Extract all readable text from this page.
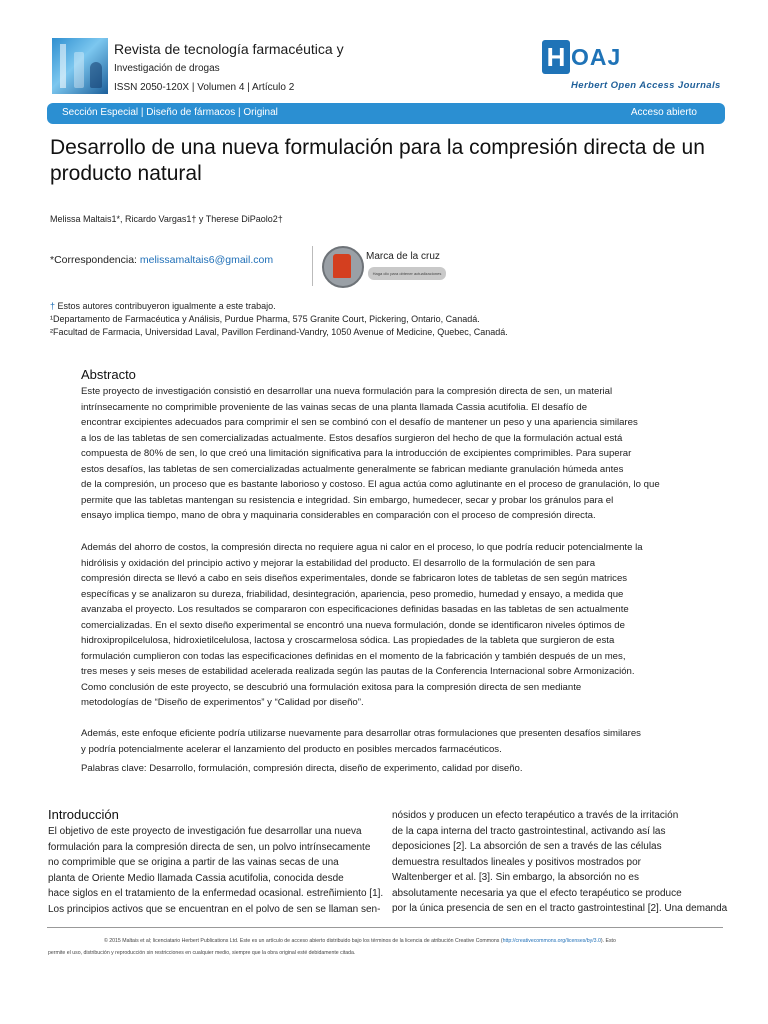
Revista de tecnología farmacéutica y
Investigación de drogas
ISSN 2050-120X | Volumen 4 | Artículo 2
H OAJ
Herbert Open Access Journals
Sección Especial | Diseño de fármacos | Original	Acceso abierto
Desarrollo de una nueva formulación para la compresión directa de un producto natural
Melissa Maltais1*, Ricardo Vargas1† y Therese DiPaolo2†
*Correspondencia: melissamaltais6@gmail.com	Marca de la cruz
Haga clic para obtener actualizaciones
† Estos autores contribuyeron igualmente a este trabajo.
¹Departamento de Farmacéutica y Análisis, Purdue Pharma, 575 Granite Court, Pickering, Ontario, Canadá.
²Facultad de Farmacia, Universidad Laval, Pavillon Ferdinand-Vandry, 1050 Avenue of Medicine, Quebec, Canadá.
Abstracto
Este proyecto de investigación consistió en desarrollar una nueva formulación para la compresión directa de sen, un material
intrínsecamente no comprimible proveniente de las vainas secas de una planta llamada Cassia acutifolia. El desafío de
encontrar excipientes adecuados para comprimir el sen se combinó con el desafío de mantener un peso y una apariencia similares
a los de las tabletas de sen comercializadas actualmente. Estos desafíos surgieron del hecho de que la formulación actual está
compuesta de 80% de sen, lo que creó una limitación significativa para la introducción de excipientes comprimibles. Para superar
estos desafíos, las tabletas de sen comercializadas actualmente generalmente se fabrican mediante granulación húmeda antes
de la compresión, un proceso que es bastante laborioso y costoso. El agua actúa como aglutinante en el proceso de granulación, lo que
permite que las tabletas mantengan su resistencia e integridad. Sin embargo, humedecer, secar y probar los gránulos para el
ensayo implica tiempo, mano de obra y maquinaria considerables en comparación con el proceso de compresión directa.
Además del ahorro de costos, la compresión directa no requiere agua ni calor en el proceso, lo que podría reducir potencialmente la
hidrólisis y oxidación del principio activo y mejorar la estabilidad del producto. El desarrollo de la formulación de sen para
compresión directa se llevó a cabo en seis diseños experimentales, donde se fabricaron lotes de tabletas de sen según matrices
específicas y se analizaron su dureza, friabilidad, desintegración, apariencia, peso promedio, humedad y ensayo, a medida que
avanzaba el proyecto. Los resultados se compararon con especificaciones definidas basadas en las tabletas de sen actualmente
comercializadas. En el sexto diseño experimental se encontró una nueva formulación, donde se identificaron niveles óptimos de
hidroxipropilcelulosa, hidroxietilcelulosa, lactosa y croscarmelosa sódica. Las propiedades de la tableta que surgieron de esta
formulación cumplieron con todas las especificaciones definidas en el momento de la fabricación y también después de un mes,
tres meses y seis meses de estabilidad acelerada realizada según las pautas de la Conferencia Internacional sobre Armonización.
Como conclusión de este proyecto, se descubrió una formulación exitosa para la compresión directa de sen mediante
metodologías de “Diseño de experimentos” y “Calidad por diseño”.
Además, este enfoque eficiente podría utilizarse nuevamente para desarrollar otras formulaciones que presenten desafíos similares
y podría potencialmente acelerar el lanzamiento del producto en posibles mercados farmacéuticos.
Palabras clave: Desarrollo, formulación, compresión directa, diseño de experimento, calidad por diseño.
Introducción
El objetivo de este proyecto de investigación fue desarrollar una nueva
formulación para la compresión directa de sen, un polvo intrínsecamente
no comprimible que se origina a partir de las vainas secas de una
planta de Oriente Medio llamada Cassia acutifolia, conocida desde
hace siglos en el tratamiento de la enfermedad ocasional. estreñimiento [1].
Los principios activos que se encuentran en el polvo de sen se llaman sen-
nósidos y producen un efecto terapéutico a través de la irritación
de la capa interna del tracto gastrointestinal, activando así las
deposiciones [2]. La absorción de sen a través de las células
demuestra resultados lineales y positivos mostrados por
Waltenberger et al. [3]. Sin embargo, la absorción no es
absolutamente necesaria ya que el efecto terapéutico se produce
por la única presencia de sen en el tracto gastrointestinal [2]. Una demanda
© 2015 Maltais et al; licenciatario Herbert Publications Ltd. Este es un artículo de acceso abierto distribuido bajo los términos de la licencia de atribución Creative Commons (http://creativecommons.org/licenses/by/3.0). Esto
permite el uso, distribución y reproducción sin restricciones en cualquier medio, siempre que la obra original esté debidamente citada.
